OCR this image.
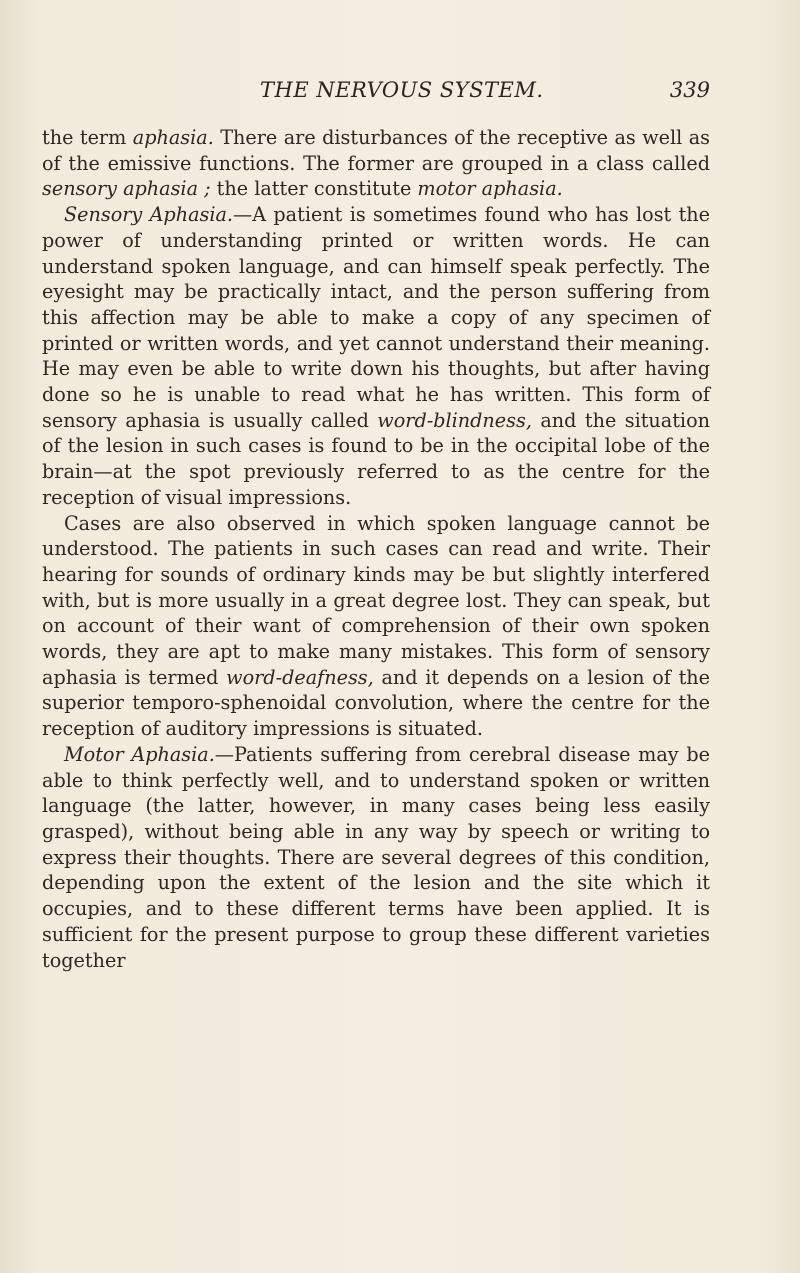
THE NERVOUS SYSTEM.	339

the term aphasia. There are disturbances of the receptive as well as of the emissive functions. The former are grouped in a class called sensory aphasia ; the latter constitute motor aphasia.

Sensory Aphasia.—A patient is sometimes found who has lost the power of understanding printed or written words. He can understand spoken language, and can himself speak perfectly. The eyesight may be practically intact, and the person suffering from this affection may be able to make a copy of any specimen of printed or written words, and yet cannot understand their meaning. He may even be able to write down his thoughts, but after having done so he is unable to read what he has written. This form of sensory aphasia is usually called word-blindness, and the situation of the lesion in such cases is found to be in the occipital lobe of the brain—at the spot previously referred to as the centre for the reception of visual impressions.

Cases are also observed in which spoken language cannot be understood. The patients in such cases can read and write. Their hearing for sounds of ordinary kinds may be but slightly interfered with, but is more usually in a great degree lost. They can speak, but on account of their want of comprehension of their own spoken words, they are apt to make many mistakes. This form of sensory aphasia is termed word-deafness, and it depends on a lesion of the superior temporo-sphenoidal convolution, where the centre for the reception of auditory impressions is situated.

Motor Aphasia.—Patients suffering from cerebral disease may be able to think perfectly well, and to understand spoken or written language (the latter, however, in many cases being less easily grasped), without being able in any way by speech or writing to express their thoughts. There are several degrees of this condition, depending upon the extent of the lesion and the site which it occupies, and to these different terms have been applied. It is sufficient for the present purpose to group these different varieties together
